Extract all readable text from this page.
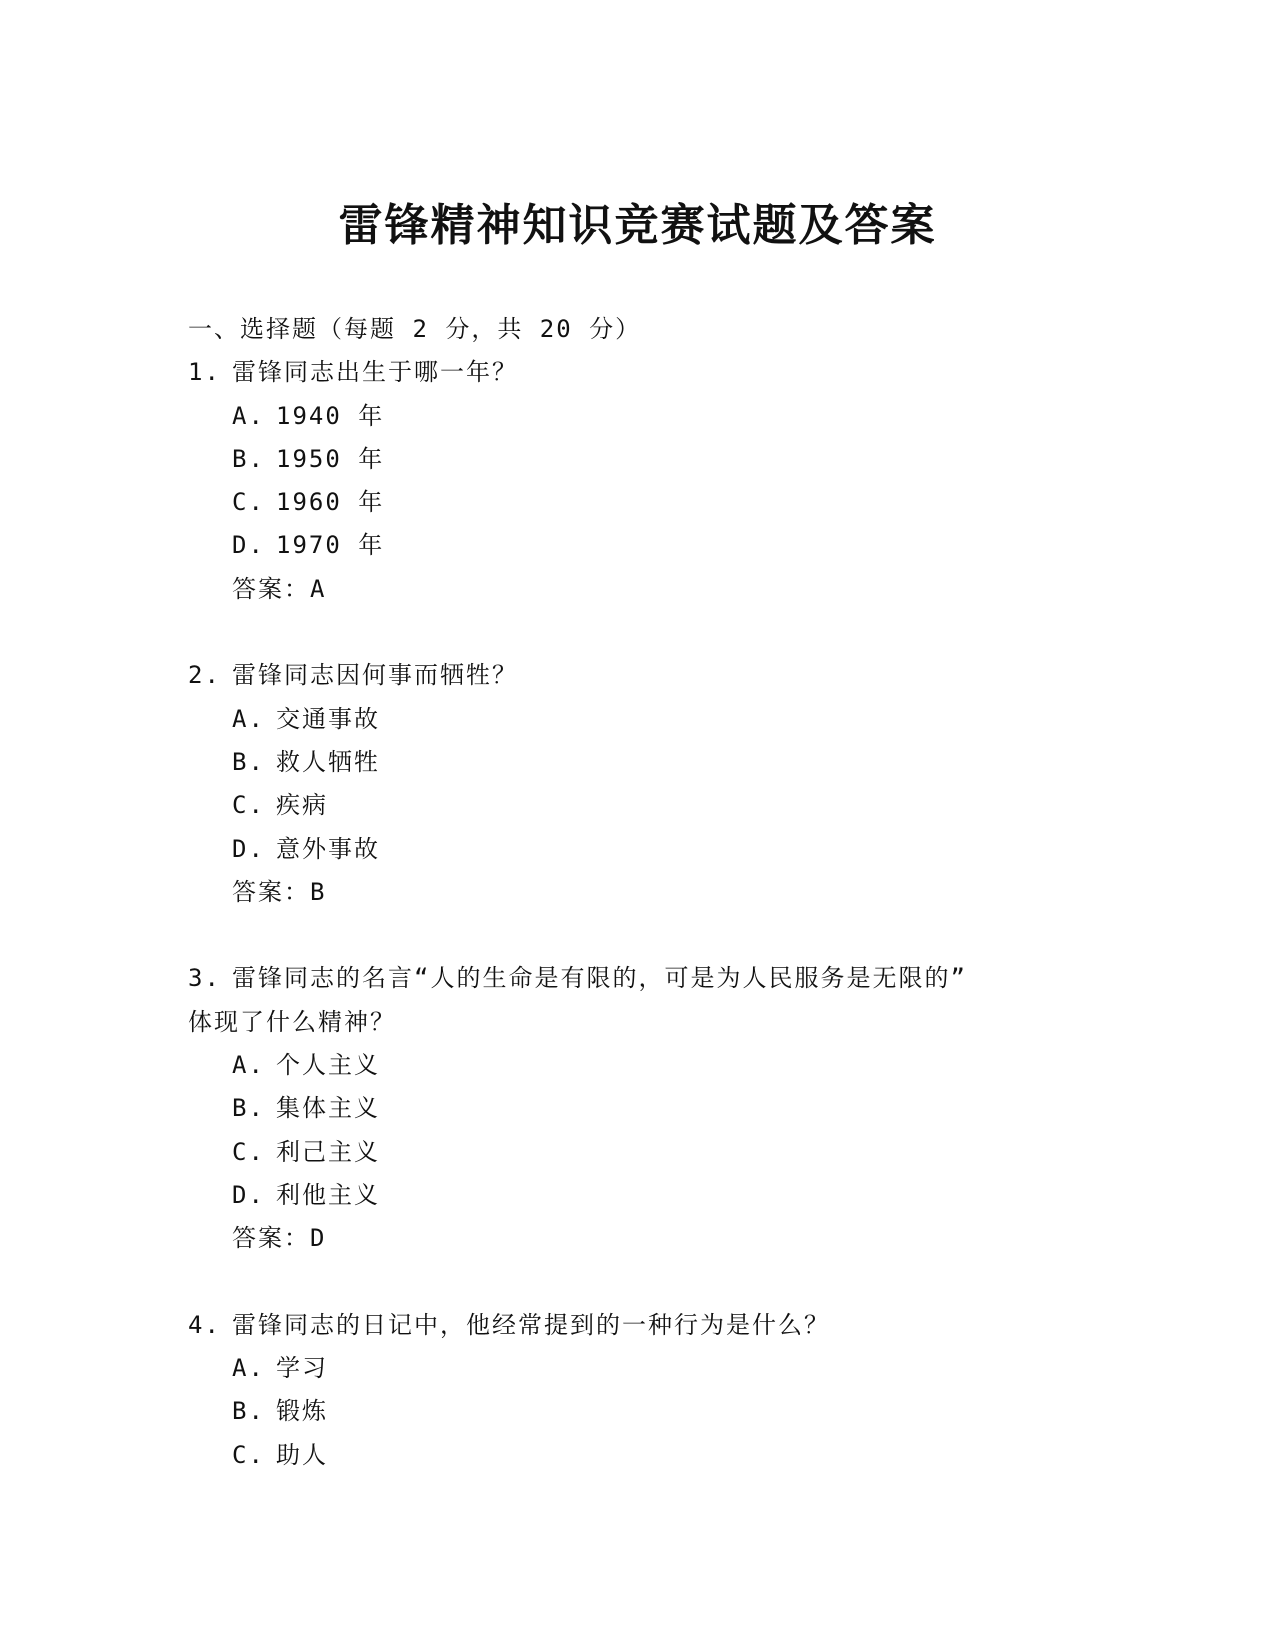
雷锋精神知识竞赛试题及答案
一、选择题（每题 2 分，共 20 分）
1. 雷锋同志出生于哪一年？
A. 1940 年
B. 1950 年
C. 1960 年
D. 1970 年
答案：A
2. 雷锋同志因何事而牺牲？
A. 交通事故
B. 救人牺牲
C. 疾病
D. 意外事故
答案：B
3. 雷锋同志的名言“人的生命是有限的，可是为人民服务是无限的”
体现了什么精神？
A. 个人主义
B. 集体主义
C. 利己主义
D. 利他主义
答案：D
4. 雷锋同志的日记中，他经常提到的一种行为是什么？
A. 学习
B. 锻炼
C. 助人
